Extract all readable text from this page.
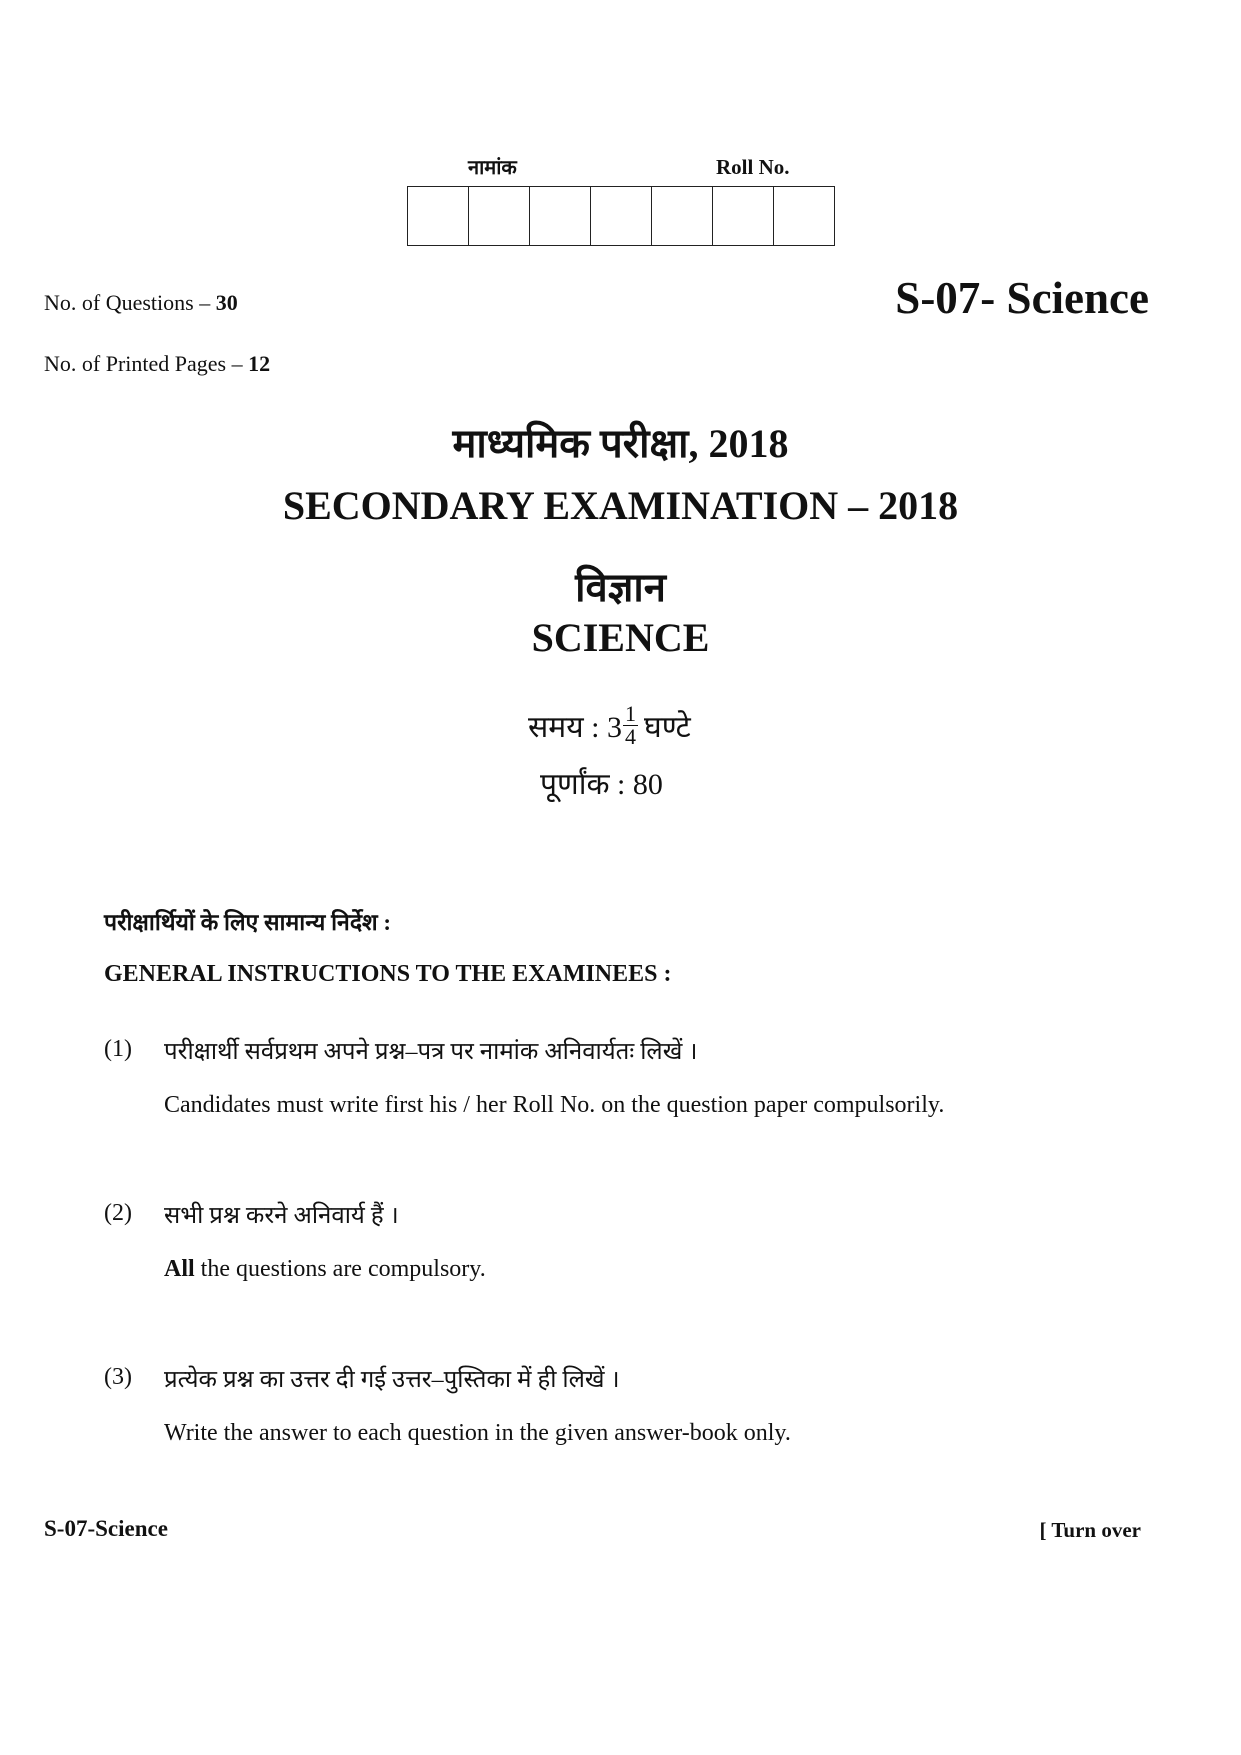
नामांक	Roll No.
S-07- Science
No. of Questions – 30
No. of Printed Pages – 12
माध्यमिक परीक्षा, 2018
SECONDARY EXAMINATION – 2018
विज्ञान
SCIENCE
समय : $3 \frac{1}{4}$ घण्टे
पूर्णांक : 80
परीक्षार्थियों के लिए सामान्य निर्देश :
GENERAL INSTRUCTIONS TO THE EXAMINEES :
(1) परीक्षार्थी सर्वप्रथम अपने प्रश्न–पत्र पर नामांक अनिवार्यतः लिखें ।
Candidates must write first his / her Roll No. on the question paper compulsorily.
(2) सभी प्रश्न करने अनिवार्य हैं ।
All the questions are compulsory.
(3) प्रत्येक प्रश्न का उत्तर दी गई उत्तर–पुस्तिका में ही लिखें ।
Write the answer to each question in the given answer-book only.
S-07-Science	[ Turn over
